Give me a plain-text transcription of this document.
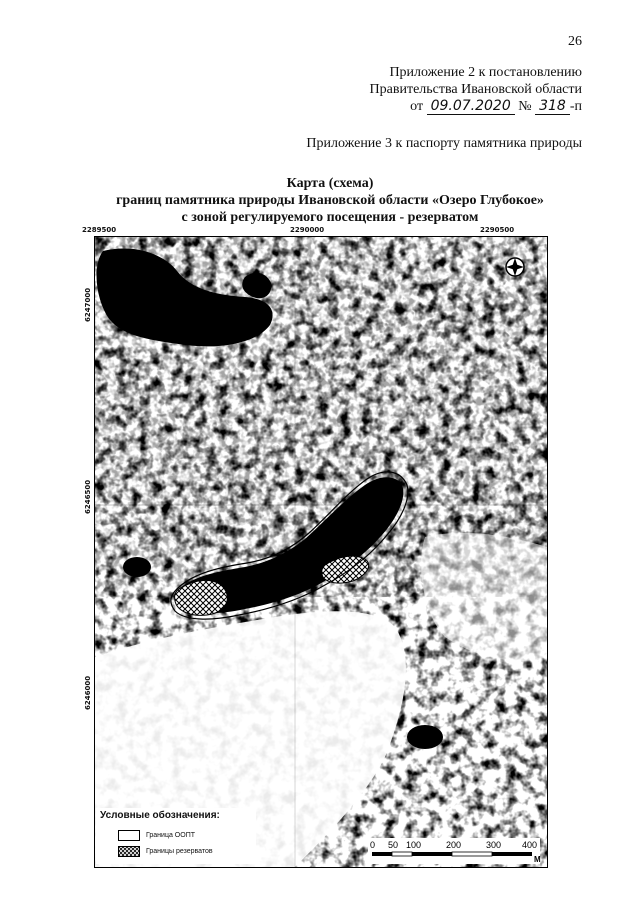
26
Приложение 2 к постановлению
Правительства Ивановской области
от 09.07.2020 № 318 -п
Приложение 3 к паспорту памятника природы
Карта (схема)
границ памятника природы Ивановской области «Озеро Глубокое»
с зоной регулируемого посещения - резерватом
2289500	2290000	2290500
6247000
6246500
6246000
Условные обозначения:
Граница ООПТ
Границы резерватов
0 50 100	200	300 400
M
